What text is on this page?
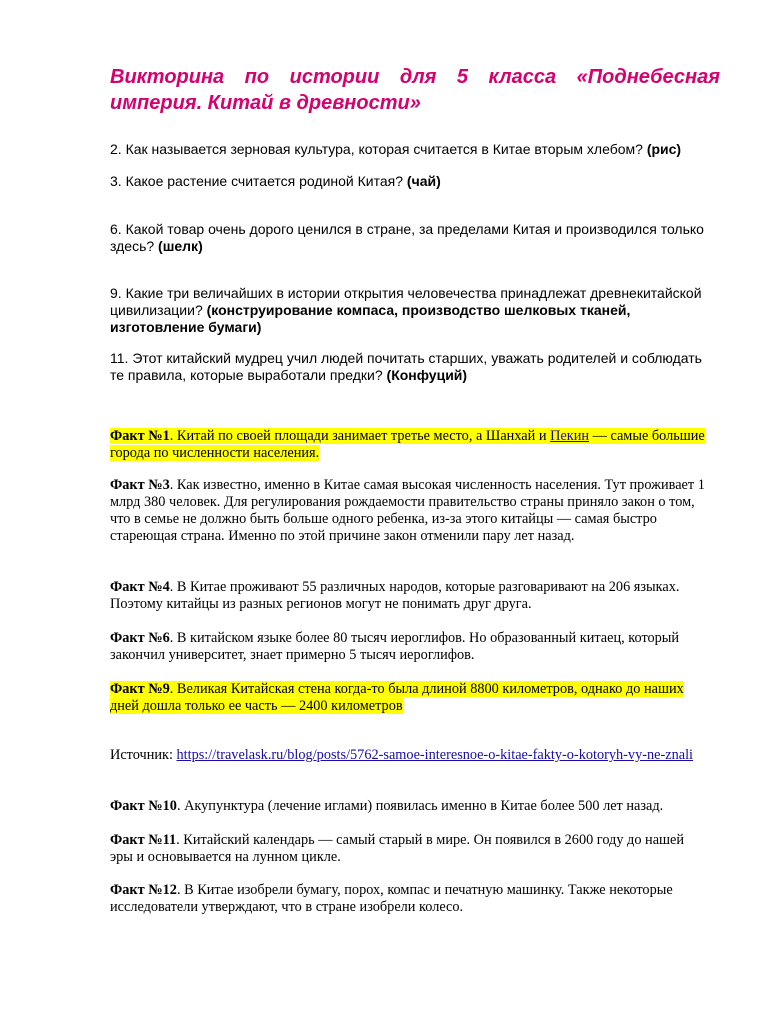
Викторина по истории для 5 класса «Поднебесная империя. Китай в древности»

2. Как называется зерновая культура, которая считается в Китае вторым хлебом? (рис)

3. Какое растение считается родиной Китая? (чай)

6. Какой товар очень дорого ценился в стране, за пределами Китая и производился только здесь? (шелк)

9. Какие три величайших в истории открытия человечества принадлежат древнекитайской цивилизации? (конструирование компаса, производство шелковых тканей, изготовление бумаги)

11. Этот китайский мудрец учил людей почитать старших, уважать родителей и соблюдать те правила, которые выработали предки? (Конфуций)

Факт №1. Китай по своей площади занимает третье место, а Шанхай и Пекин — самые большие города по численности населения.

Факт №3. Как известно, именно в Китае самая высокая численность населения. Тут проживает 1 млрд 380 человек. Для регулирования рождаемости правительство страны приняло закон о том, что в семье не должно быть больше одного ребенка, из-за этого китайцы — самая быстро стареющая страна. Именно по этой причине закон отменили пару лет назад.

Факт №4. В Китае проживают 55 различных народов, которые разговаривают на 206 языках. Поэтому китайцы из разных регионов могут не понимать друг друга.

Факт №6. В китайском языке более 80 тысяч иероглифов. Но образованный китаец, который закончил университет, знает примерно 5 тысяч иероглифов.

Факт №9. Великая Китайская стена когда-то была длиной 8800 километров, однако до наших дней дошла только ее часть — 2400 километров

Источник: https://travelask.ru/blog/posts/5762-samoe-interesnoe-o-kitae-fakty-o-kotoryh-vy-ne-znali

Факт №10. Акупунктура (лечение иглами) появилась именно в Китае более 500 лет назад.

Факт №11. Китайский календарь — самый старый в мире. Он появился в 2600 году до нашей эры и основывается на лунном цикле.

Факт №12. В Китае изобрели бумагу, порох, компас и печатную машинку. Также некоторые исследователи утверждают, что в стране изобрели колесо.
